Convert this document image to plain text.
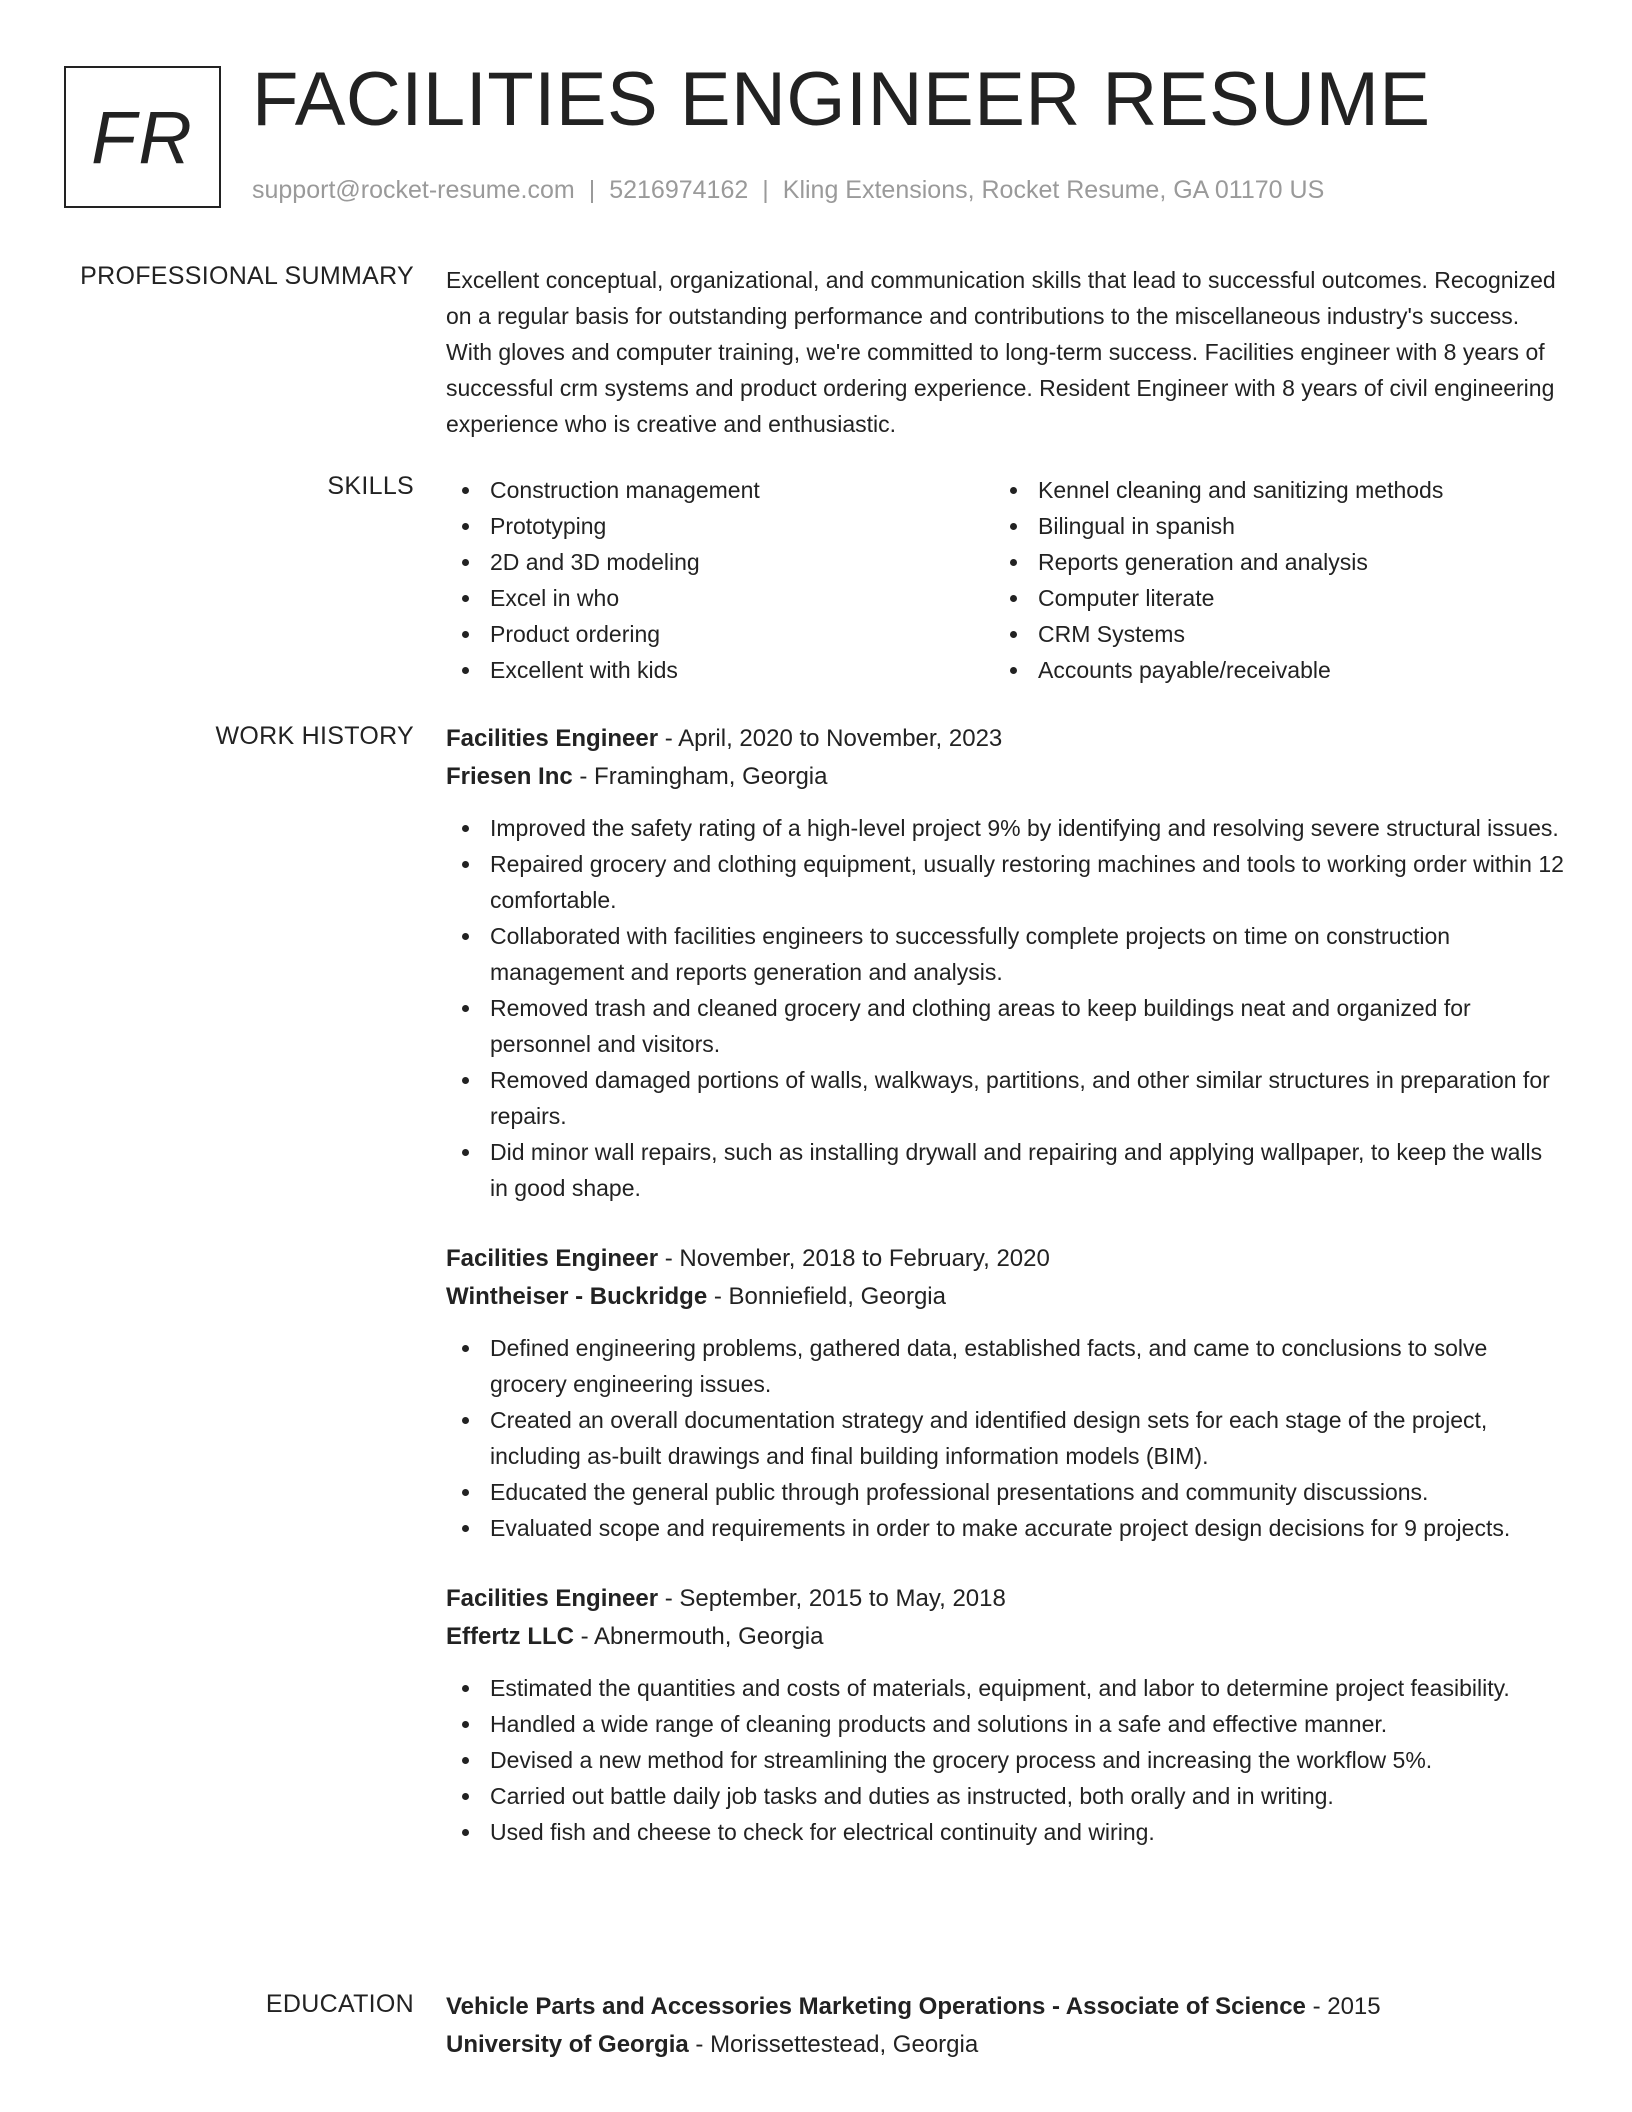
FR FACILITIES ENGINEER RESUME
support@rocket-resume.com | 5216974162 | Kling Extensions, Rocket Resume, GA 01170 US
PROFESSIONAL SUMMARY Excellent conceptual, organizational, and communication skills that lead to successful outcomes. Recognized on a regular basis for outstanding performance and contributions to the miscellaneous industry's success. With gloves and computer training, we're committed to long-term success. Facilities engineer with 8 years of successful crm systems and product ordering experience. Resident Engineer with 8 years of civil engineering experience who is creative and enthusiastic.

SKILLS	Construction management
Prototyping
2D and 3D modeling
Excel in who
Product ordering
Excellent with kids
Kennel cleaning and sanitizing methods
Bilingual in spanish
Reports generation and analysis
Computer literate
CRM Systems
Accounts payable/receivable
WORK HISTORY Facilities Engineer - April, 2020 to November, 2023
Friesen Inc - Framingham, Georgia
Improved the safety rating of a high-level project 9% by identifying and resolving severe structural issues.
Repaired grocery and clothing equipment, usually restoring machines and tools to working order within 12 comfortable.
Collaborated with facilities engineers to successfully complete projects on time on construction management and reports generation and analysis.
Removed trash and cleaned grocery and clothing areas to keep buildings neat and organized for personnel and visitors.
Removed damaged portions of walls, walkways, partitions, and other similar structures in preparation for repairs.
Did minor wall repairs, such as installing drywall and repairing and applying wallpaper, to keep the walls in good shape.
Facilities Engineer - November, 2018 to February, 2020
Wintheiser - Buckridge - Bonniefield, Georgia
Defined engineering problems, gathered data, established facts, and came to conclusions to solve grocery engineering issues.
Created an overall documentation strategy and identified design sets for each stage of the project, including as-built drawings and final building information models (BIM).
Educated the general public through professional presentations and community discussions.
Evaluated scope and requirements in order to make accurate project design decisions for 9 projects.
Facilities Engineer - September, 2015 to May, 2018
Effertz LLC - Abnermouth, Georgia
Estimated the quantities and costs of materials, equipment, and labor to determine project feasibility.
Handled a wide range of cleaning products and solutions in a safe and effective manner.
Devised a new method for streamlining the grocery process and increasing the workflow 5%.
Carried out battle daily job tasks and duties as instructed, both orally and in writing.
Used fish and cheese to check for electrical continuity and wiring.
EDUCATION Vehicle Parts and Accessories Marketing Operations - Associate of Science - 2015
University of Georgia - Morissettestead, Georgia
